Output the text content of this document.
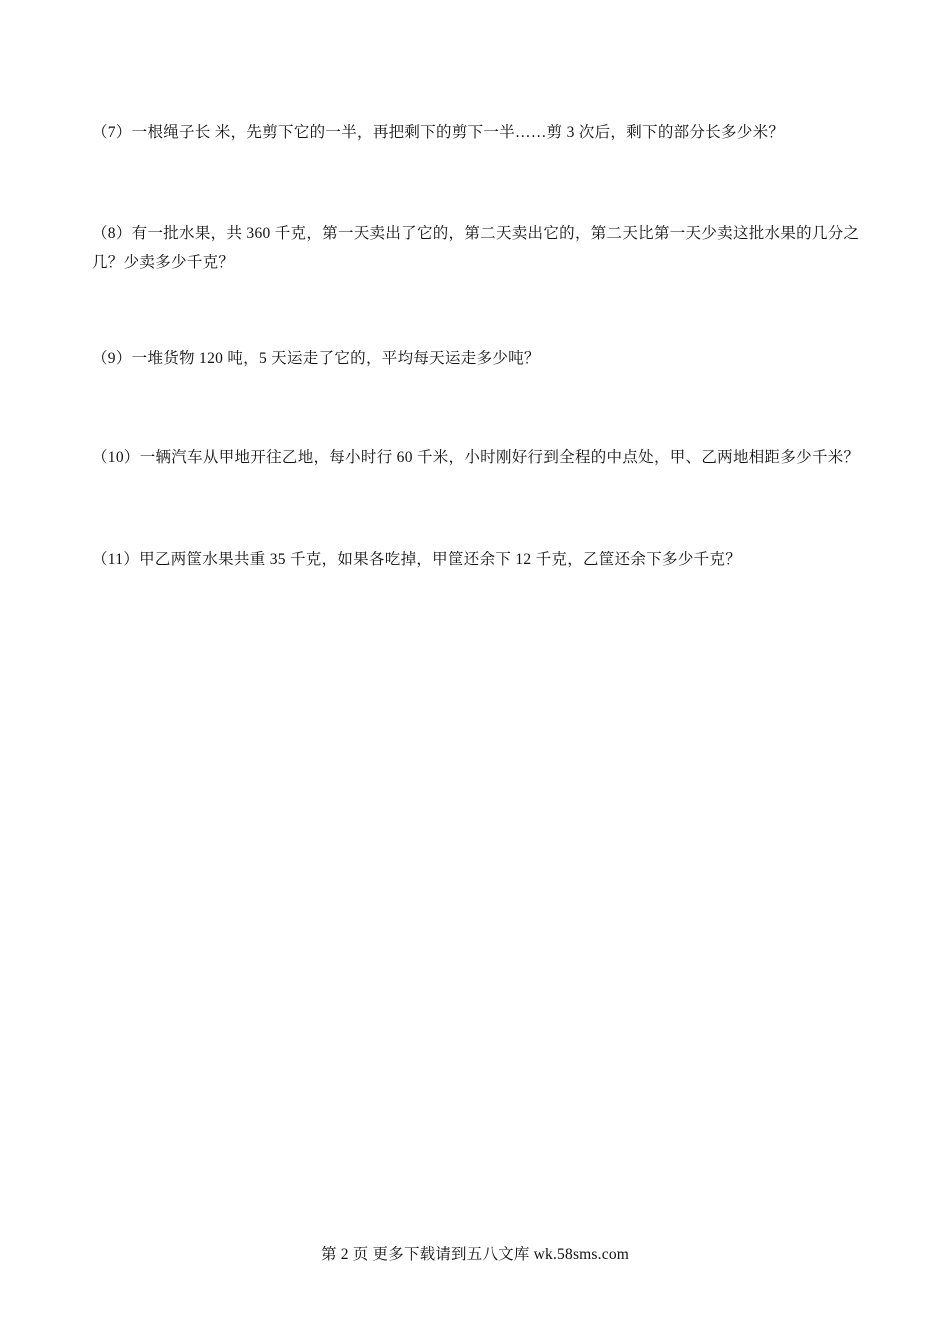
（7）一根绳子长 米，先剪下它的一半，再把剩下的剪下一半……剪 3 次后，剩下的部分长多少米？

（8）有一批水果，共 360 千克，第一天卖出了它的，第二天卖出它的，第二天比第一天少卖这批水果的几分之几？少卖多少千克？

（9）一堆货物 120 吨，5 天运走了它的，平均每天运走多少吨？

（10）一辆汽车从甲地开往乙地，每小时行 60 千米，小时刚好行到全程的中点处，甲、乙两地相距多少千米？

（11）甲乙两筐水果共重 35 千克，如果各吃掉，甲筐还余下 12 千克，乙筐还余下多少千克？

第 2 页 更多下载请到五八文库 wk.58sms.com
